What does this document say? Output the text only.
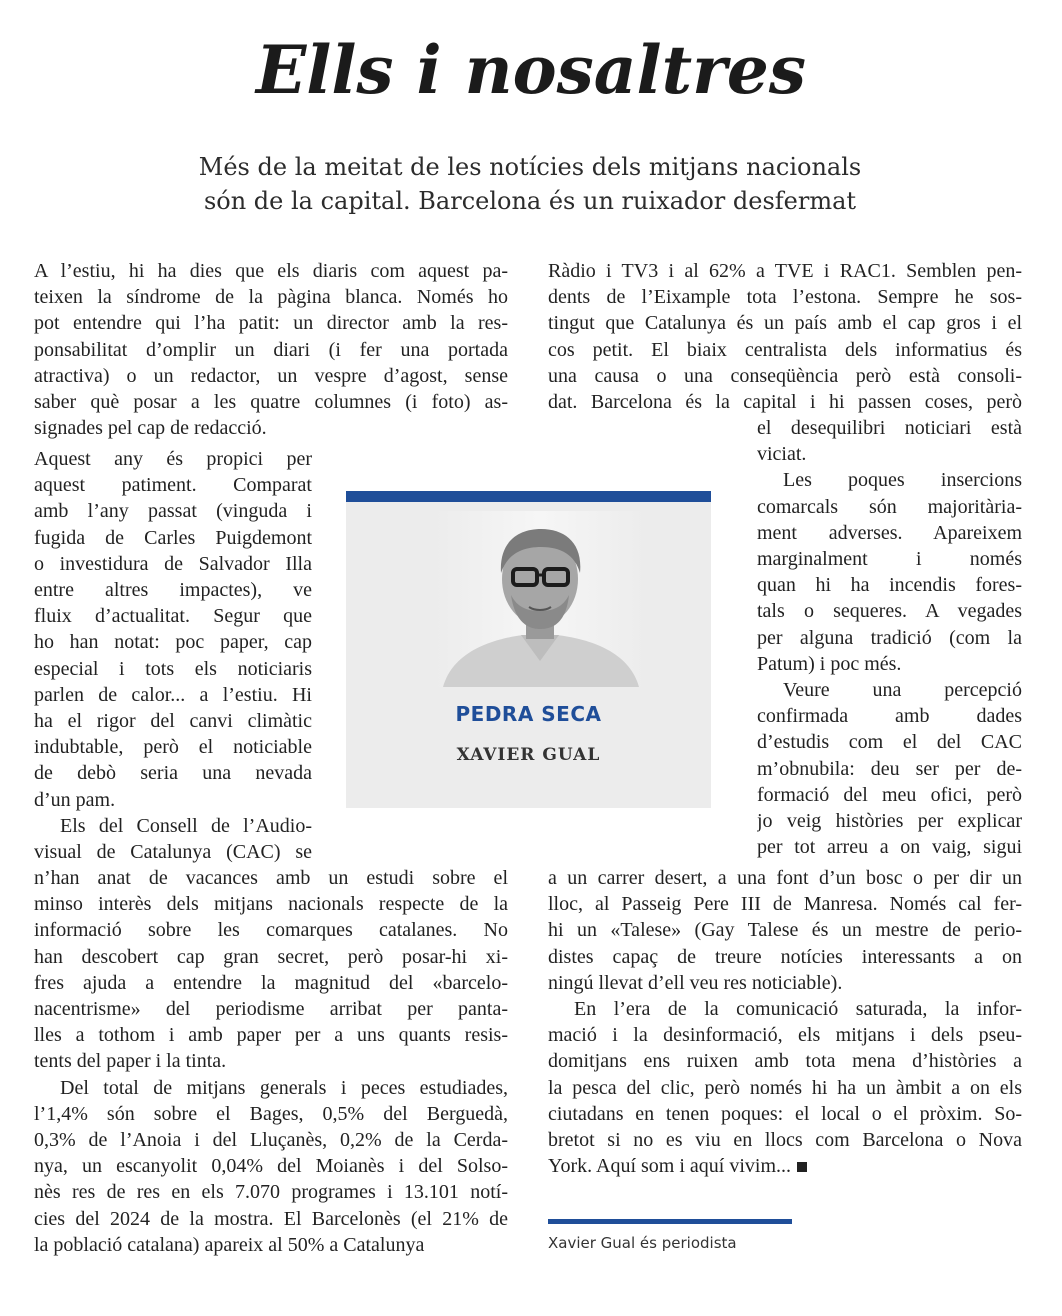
Ells i nosaltres
Més de la meitat de les notícies dels mitjans nacionals
són de la capital. Barcelona és un ruixador desfermat
A l’estiu, hi ha dies que els diaris com aquest pa-
teixen la síndrome de la pàgina blanca. Només ho
pot entendre qui l’ha patit: un director amb la res-
ponsabilitat d’omplir un diari (i fer una portada
atractiva) o un redactor, un vespre d’agost, sense
saber què posar a les quatre columnes (i foto) as-
signades pel cap de redacció.
Aquest any és propici per
aquest patiment. Comparat
amb l’any passat (vinguda i
fugida de Carles Puigdemont
o investidura de Salvador Illa
entre altres impactes), ve
fluix d’actualitat. Segur que
ho han notat: poc paper, cap
especial i tots els noticiaris
parlen de calor... a l’estiu. Hi
ha el rigor del canvi climàtic
indubtable, però el noticiable
de debò seria una nevada
d’un pam.
Els del Consell de l’Audio-
visual de Catalunya (CAC) se
n’han anat de vacances amb un estudi sobre el
minso interès dels mitjans nacionals respecte de la
informació sobre les comarques catalanes. No
han descobert cap gran secret, però posar-hi xi-
fres ajuda a entendre la magnitud del «barcelo-
nacentrisme» del periodisme arribat per panta-
lles a tothom i amb paper per a uns quants resis-
tents del paper i la tinta.
Del total de mitjans generals i peces estudiades,
l’1,4% són sobre el Bages, 0,5% del Berguedà,
0,3% de l’Anoia i del Lluçanès, 0,2% de la Cerda-
nya, un escanyolit 0,04% del Moianès i del Solso-
nès res de res en els 7.070 programes i 13.101 notí-
cies del 2024 de la mostra. El Barcelonès (el 21% de
la població catalana) apareix al 50% a Catalunya
Ràdio i TV3 i al 62% a TVE i RAC1. Semblen pen-
dents de l’Eixample tota l’estona. Sempre he sos-
tingut que Catalunya és un país amb el cap gros i el
cos petit. El biaix centralista dels informatius és
una causa o una conseqüència però està consoli-
dat. Barcelona és la capital i hi passen coses, però
el desequilibri noticiari està
viciat.
Les poques insercions
comarcals són majoritària-
ment adverses. Apareixem
marginalment i només
quan hi ha incendis fores-
tals o sequeres. A vegades
per alguna tradició (com la
Patum) i poc més.
Veure una percepció
confirmada amb dades
d’estudis com el del CAC
m’obnubila: deu ser per de-
formació del meu ofici, però
jo veig històries per explicar
per tot arreu a on vaig, sigui
a un carrer desert, a una font d’un bosc o per dir un
lloc, al Passeig Pere III de Manresa. Només cal fer-
hi un «Talese» (Gay Talese és un mestre de perio-
distes capaç de treure notícies interessants a on
ningú llevat d’ell veu res noticiable).
En l’era de la comunicació saturada, la infor-
mació i la desinformació, els mitjans i dels pseu-
domitjans ens ruixen amb tota mena d’històries a
la pesca del clic, però només hi ha un àmbit a on els
ciutadans en tenen poques: el local o el pròxim. So-
bretot si no es viu en llocs com Barcelona o Nova
York. Aquí som i aquí vivim...
PEDRA SECA
XAVIER GUAL
Xavier Gual és periodista
